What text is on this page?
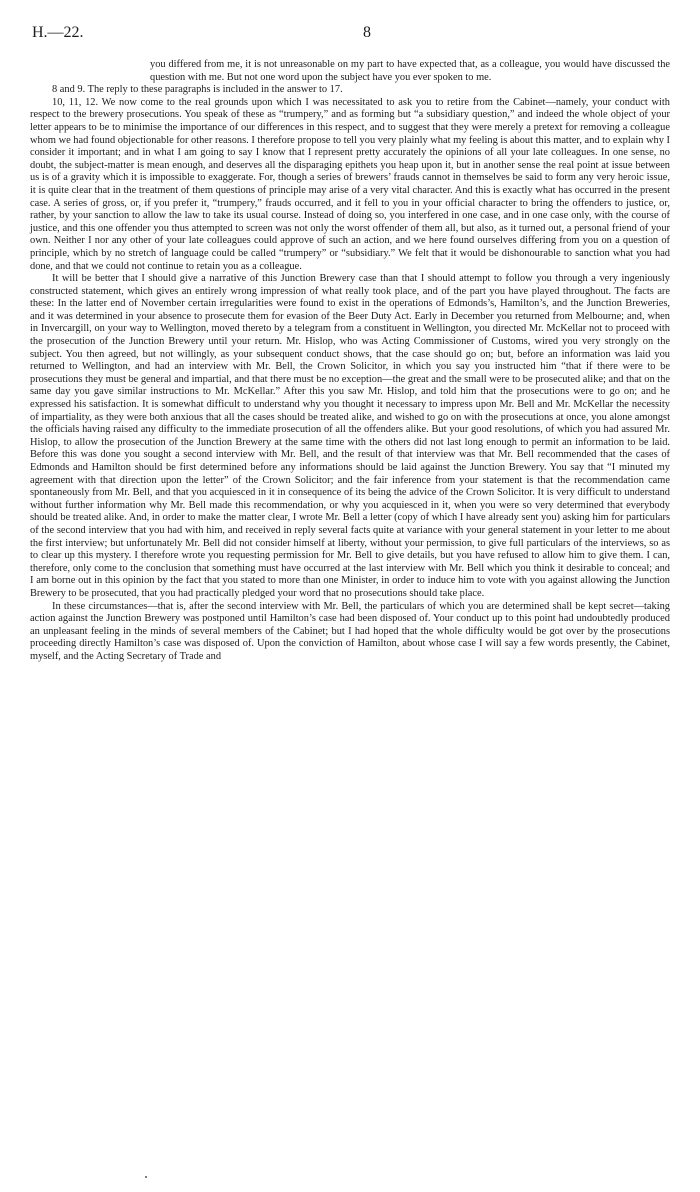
H.—22.	8

you differed from me, it is not unreasonable on my part to have expected that, as a colleague, you would have discussed the question with me. But not one word upon the subject have you ever spoken to me.

8 and 9. The reply to these paragraphs is included in the answer to 17.

10, 11, 12. We now come to the real grounds upon which I was necessitated to ask you to retire from the Cabinet—namely, your conduct with respect to the brewery prosecutions. You speak of these as “trumpery,” and as forming but “a subsidiary question,” and indeed the whole object of your letter appears to be to minimise the importance of our differences in this respect, and to suggest that they were merely a pretext for removing a colleague whom we had found objectionable for other reasons. I therefore propose to tell you very plainly what my feeling is about this matter, and to explain why I consider it important; and in what I am going to say I know that I represent pretty accurately the opinions of all your late colleagues. In one sense, no doubt, the subject-matter is mean enough, and deserves all the disparaging epithets you heap upon it, but in another sense the real point at issue between us is of a gravity which it is impossible to exaggerate. For, though a series of brewers’ frauds cannot in themselves be said to form any very heroic issue, it is quite clear that in the treatment of them questions of principle may arise of a very vital character. And this is exactly what has occurred in the present case. A series of gross, or, if you prefer it, “trumpery,” frauds occurred, and it fell to you in your official character to bring the offenders to justice, or, rather, by your sanction to allow the law to take its usual course. Instead of doing so, you interfered in one case, and in one case only, with the course of justice, and this one offender you thus attempted to screen was not only the worst offender of them all, but also, as it turned out, a personal friend of your own. Neither I nor any other of your late colleagues could approve of such an action, and we here found ourselves differing from you on a question of principle, which by no stretch of language could be called “trumpery” or “subsidiary.” We felt that it would be dishonourable to sanction what you had done, and that we could not continue to retain you as a colleague.

It will be better that I should give a narrative of this Junction Brewery case than that I should attempt to follow you through a very ingeniously constructed statement, which gives an entirely wrong impression of what really took place, and of the part you have played throughout. The facts are these: In the latter end of November certain irregularities were found to exist in the operations of Edmonds’s, Hamilton’s, and the Junction Breweries, and it was determined in your absence to prosecute them for evasion of the Beer Duty Act. Early in December you returned from Melbourne; and, when in Invercargill, on your way to Wellington, moved thereto by a telegram from a constituent in Wellington, you directed Mr. McKellar not to proceed with the prosecution of the Junction Brewery until your return. Mr. Hislop, who was Acting Commissioner of Customs, wired you very strongly on the subject. You then agreed, but not willingly, as your subsequent conduct shows, that the case should go on; but, before an information was laid you returned to Wellington, and had an interview with Mr. Bell, the Crown Solicitor, in which you say you instructed him “that if there were to be prosecutions they must be general and impartial, and that there must be no exception—the great and the small were to be prosecuted alike; and that on the same day you gave similar instructions to Mr. McKellar.” After this you saw Mr. Hislop, and told him that the prosecutions were to go on; and he expressed his satisfaction. It is somewhat difficult to understand why you thought it necessary to impress upon Mr. Bell and Mr. McKellar the necessity of impartiality, as they were both anxious that all the cases should be treated alike, and wished to go on with the prosecutions at once, you alone amongst the officials having raised any difficulty to the immediate prosecution of all the offenders alike. But your good resolutions, of which you had assured Mr. Hislop, to allow the prosecution of the Junction Brewery at the same time with the others did not last long enough to permit an information to be laid. Before this was done you sought a second interview with Mr. Bell, and the result of that interview was that Mr. Bell recommended that the cases of Edmonds and Hamilton should be first determined before any informations should be laid against the Junction Brewery. You say that “I minuted my agreement with that direction upon the letter” of the Crown Solicitor; and the fair inference from your statement is that the recommendation came spontaneously from Mr. Bell, and that you acquiesced in it in consequence of its being the advice of the Crown Solicitor. It is very difficult to understand without further information why Mr. Bell made this recommendation, or why you acquiesced in it, when you were so very determined that everybody should be treated alike. And, in order to make the matter clear, I wrote Mr. Bell a letter (copy of which I have already sent you) asking him for particulars of the second interview that you had with him, and received in reply several facts quite at variance with your general statement in your letter to me about the first interview; but unfortunately Mr. Bell did not consider himself at liberty, without your permission, to give full particulars of the interviews, so as to clear up this mystery. I therefore wrote you requesting permission for Mr. Bell to give details, but you have refused to allow him to give them. I can, therefore, only come to the conclusion that something must have occurred at the last interview with Mr. Bell which you think it desirable to conceal; and I am borne out in this opinion by the fact that you stated to more than one Minister, in order to induce him to vote with you against allowing the Junction Brewery to be prosecuted, that you had practically pledged your word that no prosecutions should take place.

In these circumstances—that is, after the second interview with Mr. Bell, the particulars of which you are determined shall be kept secret—taking action against the Junction Brewery was postponed until Hamilton’s case had been disposed of. Your conduct up to this point had undoubtedly produced an unpleasant feeling in the minds of several members of the Cabinet; but I had hoped that the whole difficulty would be got over by the prosecutions proceeding directly Hamilton’s case was disposed of. Upon the conviction of Hamilton, about whose case I will say a few words presently, the Cabinet, myself, and the Acting Secretary of Trade and
